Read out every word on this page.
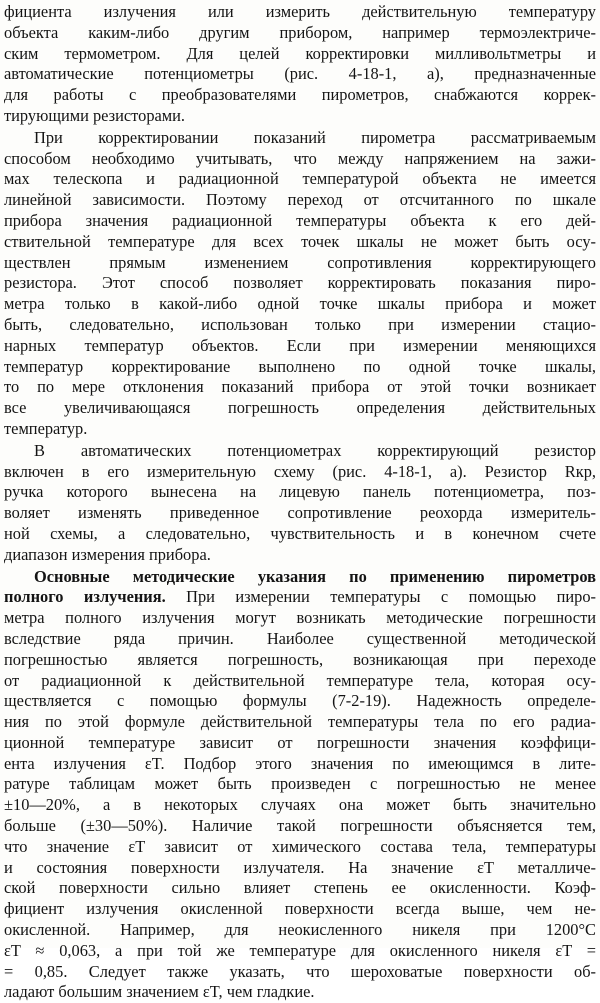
фициента излучения или измерить действительную температуру
объекта каким-либо другим прибором, например термоэлектриче-
ским термометром. Для целей корректировки милливольтметры и
автоматические потенциометры (рис. 4-18-1, а), предназначенные
для работы с преобразователями пирометров, снабжаются коррек-
тирующими резисторами.
При корректировании показаний пирометра рассматриваемым
способом необходимо учитывать, что между напряжением на зажи-
мах телескопа и радиационной температурой объекта не имеется
линейной зависимости. Поэтому переход от отсчитанного по шкале
прибора значения радиационной температуры объекта к его дей-
ствительной температуре для всех точек шкалы не может быть осу-
ществлен прямым изменением сопротивления корректирующего
резистора. Этот способ позволяет корректировать показания пиро-
метра только в какой-либо одной точке шкалы прибора и может
быть, следовательно, использован только при измерении стацио-
нарных температур объектов. Если при измерении меняющихся
температур корректирование выполнено по одной точке шкалы,
то по мере отклонения показаний прибора от этой точки возникает
все увеличивающаяся погрешность определения действительных
температур.
В автоматических потенциометрах корректирующий резистор
включен в его измерительную схему (рис. 4-18-1, а). Резистор Rкр,
ручка которого вынесена на лицевую панель потенциометра, поз-
воляет изменять приведенное сопротивление реохорда измеритель-
ной схемы, а следовательно, чувствительность и в конечном счете
диапазон измерения прибора.
Основные методические указания по применению пирометров
полного излучения. При измерении температуры с помощью пиро-
метра полного излучения могут возникать методические погрешности
вследствие ряда причин. Наиболее существенной методической
погрешностью является погрешность, возникающая при переходе
от радиационной к действительной температуре тела, которая осу-
ществляется с помощью формулы (7-2-19). Надежность определе-
ния по этой формуле действительной температуры тела по его радиа-
ционной температуре зависит от погрешности значения коэффици-
ента излучения εT. Подбор этого значения по имеющимся в лите-
ратуре таблицам может быть произведен с погрешностью не менее
±10—20%, а в некоторых случаях она может быть значительно
больше (±30—50%). Наличие такой погрешности объясняется тем,
что значение εT зависит от химического состава тела, температуры
и состояния поверхности излучателя. На значение εT металличе-
ской поверхности сильно влияет степень ее окисленности. Коэф-
фициент излучения окисленной поверхности всегда выше, чем не-
окисленной. Например, для неокисленного никеля при 1200°С
εT ≈ 0,063, а при той же температуре для окисленного никеля εT =
= 0,85. Следует также указать, что шероховатые поверхности об-
ладают большим значением εT, чем гладкие.
